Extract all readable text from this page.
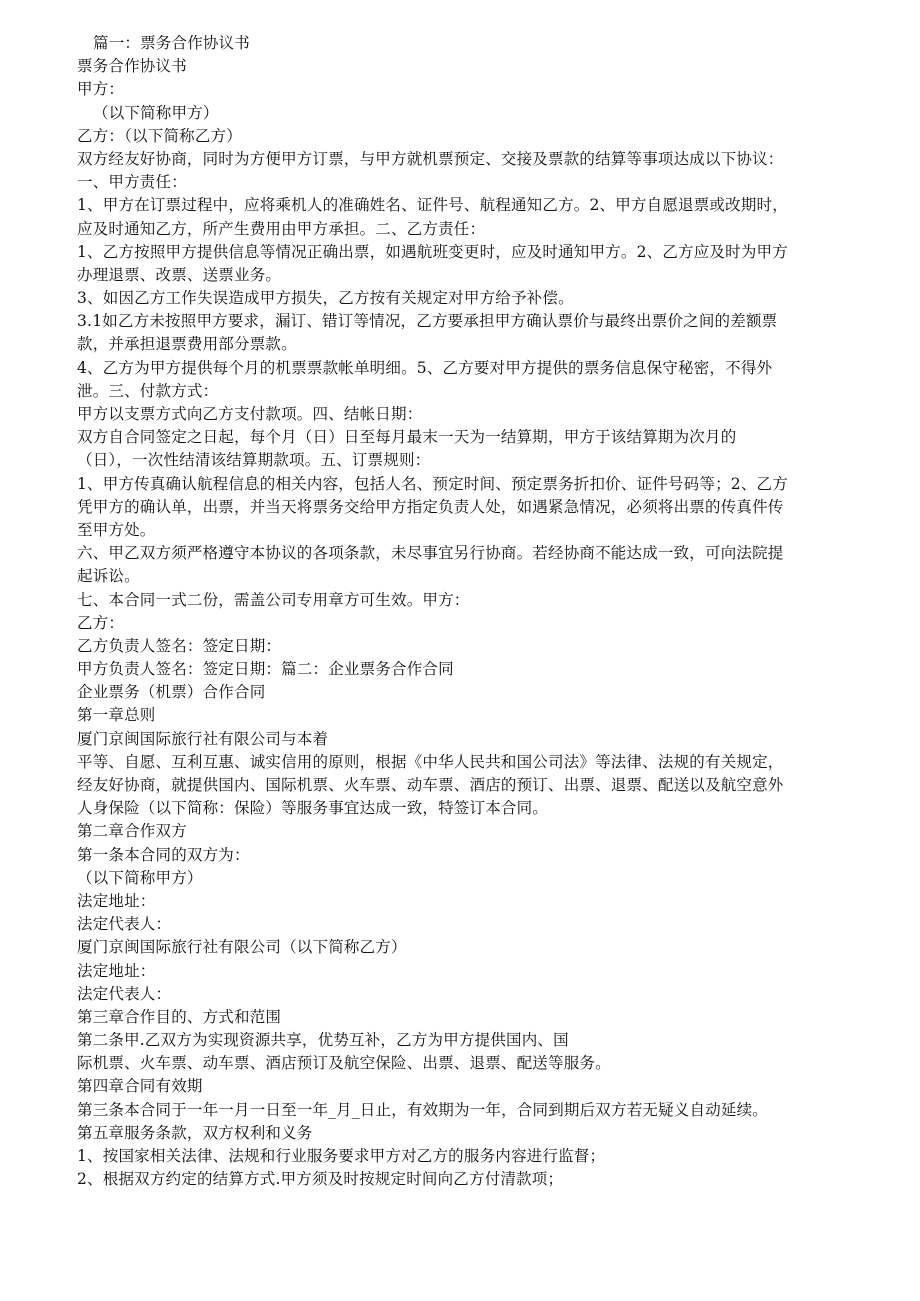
篇一：票务合作协议书
票务合作协议书
甲方：
（以下简称甲方）
乙方：（以下简称乙方）
双方经友好协商，同时为方便甲方订票，与甲方就机票预定、交接及票款的结算等事项达成以下协议：
一、甲方责任：
1、甲方在订票过程中，应将乘机人的准确姓名、证件号、航程通知乙方。2、甲方自愿退票或改期时，
应及时通知乙方，所产生费用由甲方承担。二、乙方责任：
1、乙方按照甲方提供信息等情况正确出票，如遇航班变更时，应及时通知甲方。2、乙方应及时为甲方
办理退票、改票、送票业务。
3、如因乙方工作失误造成甲方损失，乙方按有关规定对甲方给予补偿。
3.1如乙方未按照甲方要求，漏订、错订等情况，乙方要承担甲方确认票价与最终出票价之间的差额票
款，并承担退票费用部分票款。
4、乙方为甲方提供每个月的机票票款帐单明细。5、乙方要对甲方提供的票务信息保守秘密，不得外
泄。三、付款方式：
甲方以支票方式向乙方支付款项。四、结帐日期：
双方自合同签定之日起，每个月（日）日至每月最末一天为一结算期，甲方于该结算期为次月的
（日），一次性结清该结算期款项。五、订票规则：
1、甲方传真确认航程信息的相关内容，包括人名、预定时间、预定票务折扣价、证件号码等；2、乙方
凭甲方的确认单，出票，并当天将票务交给甲方指定负责人处，如遇紧急情况，必须将出票的传真件传
至甲方处。
六、甲乙双方须严格遵守本协议的各项条款，未尽事宜另行协商。若经协商不能达成一致，可向法院提
起诉讼。
七、本合同一式二份，需盖公司专用章方可生效。甲方：
乙方：
乙方负责人签名：签定日期：
甲方负责人签名：签定日期：篇二：企业票务合作合同
企业票务（机票）合作合同
第一章总则
厦门京闽国际旅行社有限公司与本着
平等、自愿、互利互惠、诚实信用的原则，根据《中华人民共和国公司法》等法律、法规的有关规定，
经友好协商，就提供国内、国际机票、火车票、动车票、酒店的预订、出票、退票、配送以及航空意外
人身保险（以下简称：保险）等服务事宜达成一致，特签订本合同。
第二章合作双方
第一条本合同的双方为：
（以下简称甲方）
法定地址：
法定代表人：
厦门京闽国际旅行社有限公司（以下简称乙方）
法定地址：
法定代表人：
第三章合作目的、方式和范围
第二条甲.乙双方为实现资源共享，优势互补，乙方为甲方提供国内、国
际机票、火车票、动车票、酒店预订及航空保险、出票、退票、配送等服务。
第四章合同有效期
第三条本合同于一年一月一日至一年_月_日止，有效期为一年，合同到期后双方若无疑义自动延续。
第五章服务条款，双方权利和义务
1、按国家相关法律、法规和行业服务要求甲方对乙方的服务内容进行监督；
2、根据双方约定的结算方式.甲方须及时按规定时间向乙方付清款项；
